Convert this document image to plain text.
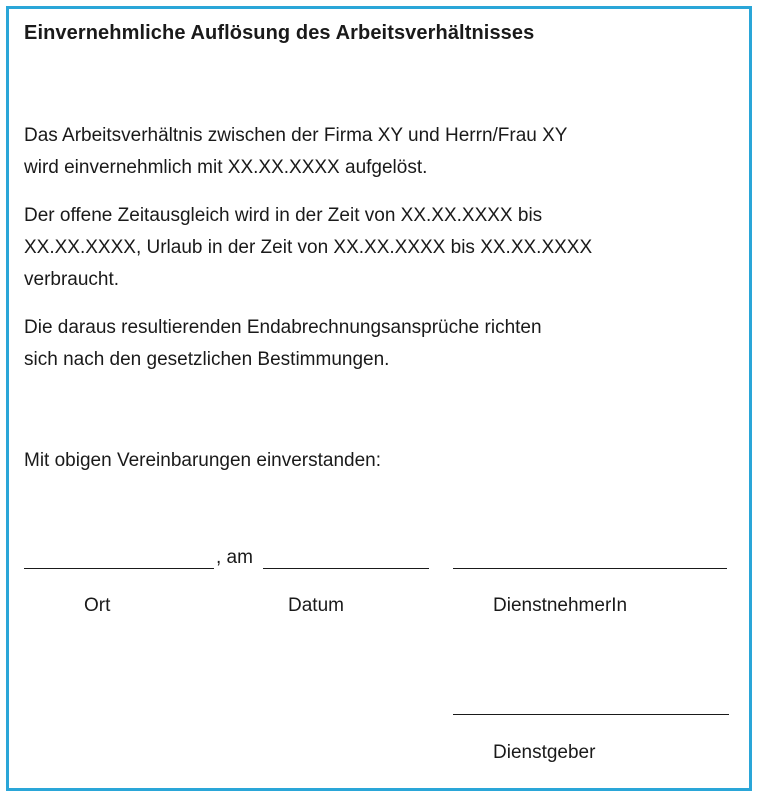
Einvernehmliche Auflösung des Arbeitsverhältnisses
Das Arbeitsverhältnis zwischen der Firma XY und Herrn/Frau XY
wird einvernehmlich mit XX.XX.XXXX aufgelöst.
Der offene Zeitausgleich wird in der Zeit von XX.XX.XXXX bis
XX.XX.XXXX, Urlaub in der Zeit von XX.XX.XXXX bis XX.XX.XXXX
verbraucht.
Die daraus resultierenden Endabrechnungsansprüche richten
sich nach den gesetzlichen Bestimmungen.
Mit obigen Vereinbarungen einverstanden:
, am
Ort	Datum	DienstnehmerIn
Dienstgeber
